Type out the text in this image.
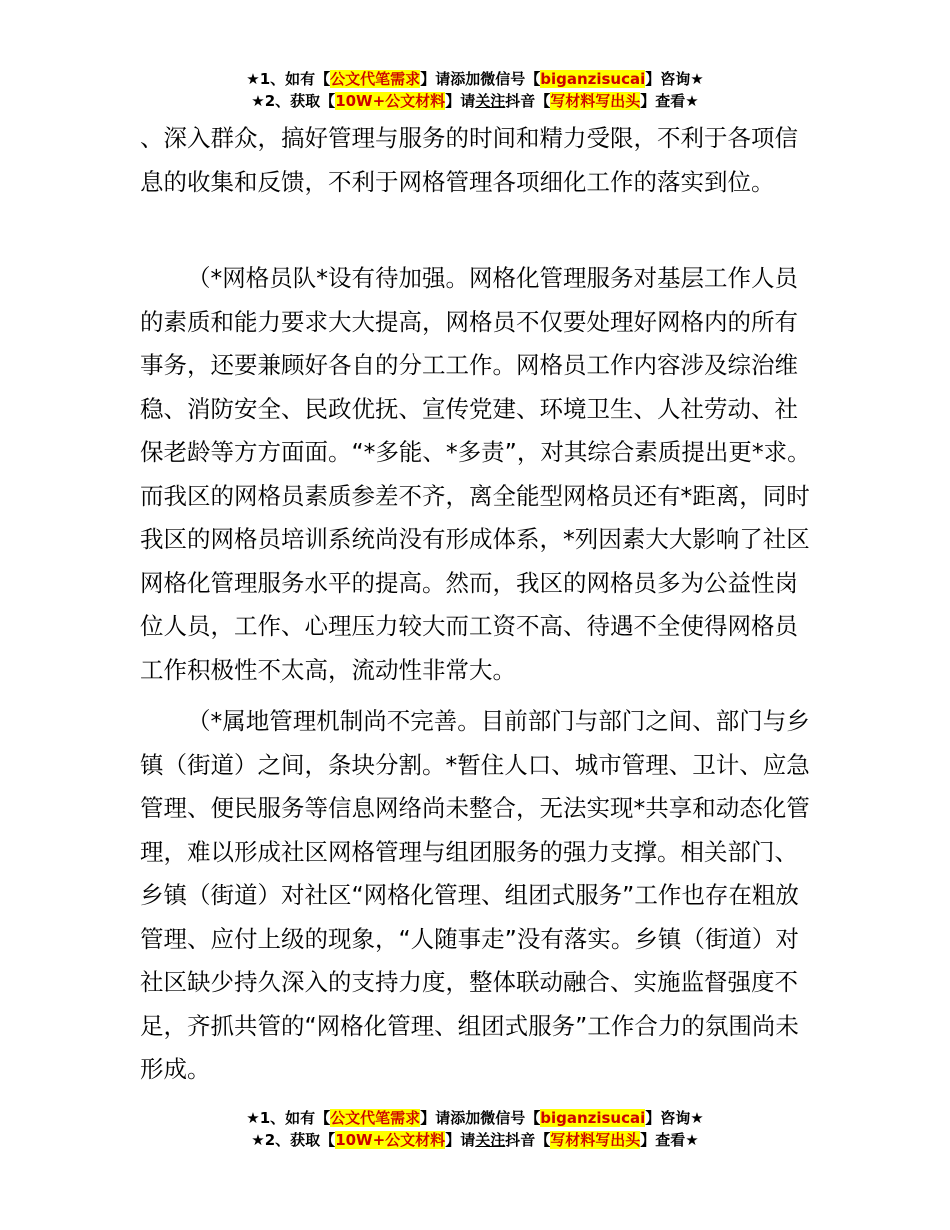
★1、如有【公文代笔需求】请添加微信号【biganzisucai】咨询★
★2、获取【10W+公文材料】请关注抖音【写材料写出头】查看★

、深入群众，搞好管理与服务的时间和精力受限，不利于各项信息的收集和反馈，不利于网格管理各项细化工作的落实到位。

（*网格员队*设有待加强。网格化管理服务对基层工作人员的素质和能力要求大大提高，网格员不仅要处理好网格内的所有事务，还要兼顾好各自的分工工作。网格员工作内容涉及综治维稳、消防安全、民政优抚、宣传党建、环境卫生、人社劳动、社保老龄等方方面面。“*多能、*多责”，对其综合素质提出更*求。而我区的网格员素质参差不齐，离全能型网格员还有*距离，同时我区的网格员培训系统尚没有形成体系，*列因素大大影响了社区网格化管理服务水平的提高。然而，我区的网格员多为公益性岗位人员，工作、心理压力较大而工资不高、待遇不全使得网格员工作积极性不太高，流动性非常大。

（*属地管理机制尚不完善。目前部门与部门之间、部门与乡镇（街道）之间，条块分割。*暂住人口、城市管理、卫计、应急管理、便民服务等信息网络尚未整合，无法实现*共享和动态化管理，难以形成社区网格管理与组团服务的强力支撑。相关部门、乡镇（街道）对社区“网格化管理、组团式服务”工作也存在粗放管理、应付上级的现象，“人随事走”没有落实。乡镇（街道）对社区缺少持久深入的支持力度，整体联动融合、实施监督强度不足，齐抓共管的“网格化管理、组团式服务”工作合力的氛围尚未形成。

★1、如有【公文代笔需求】请添加微信号【biganzisucai】咨询★
★2、获取【10W+公文材料】请关注抖音【写材料写出头】查看★
